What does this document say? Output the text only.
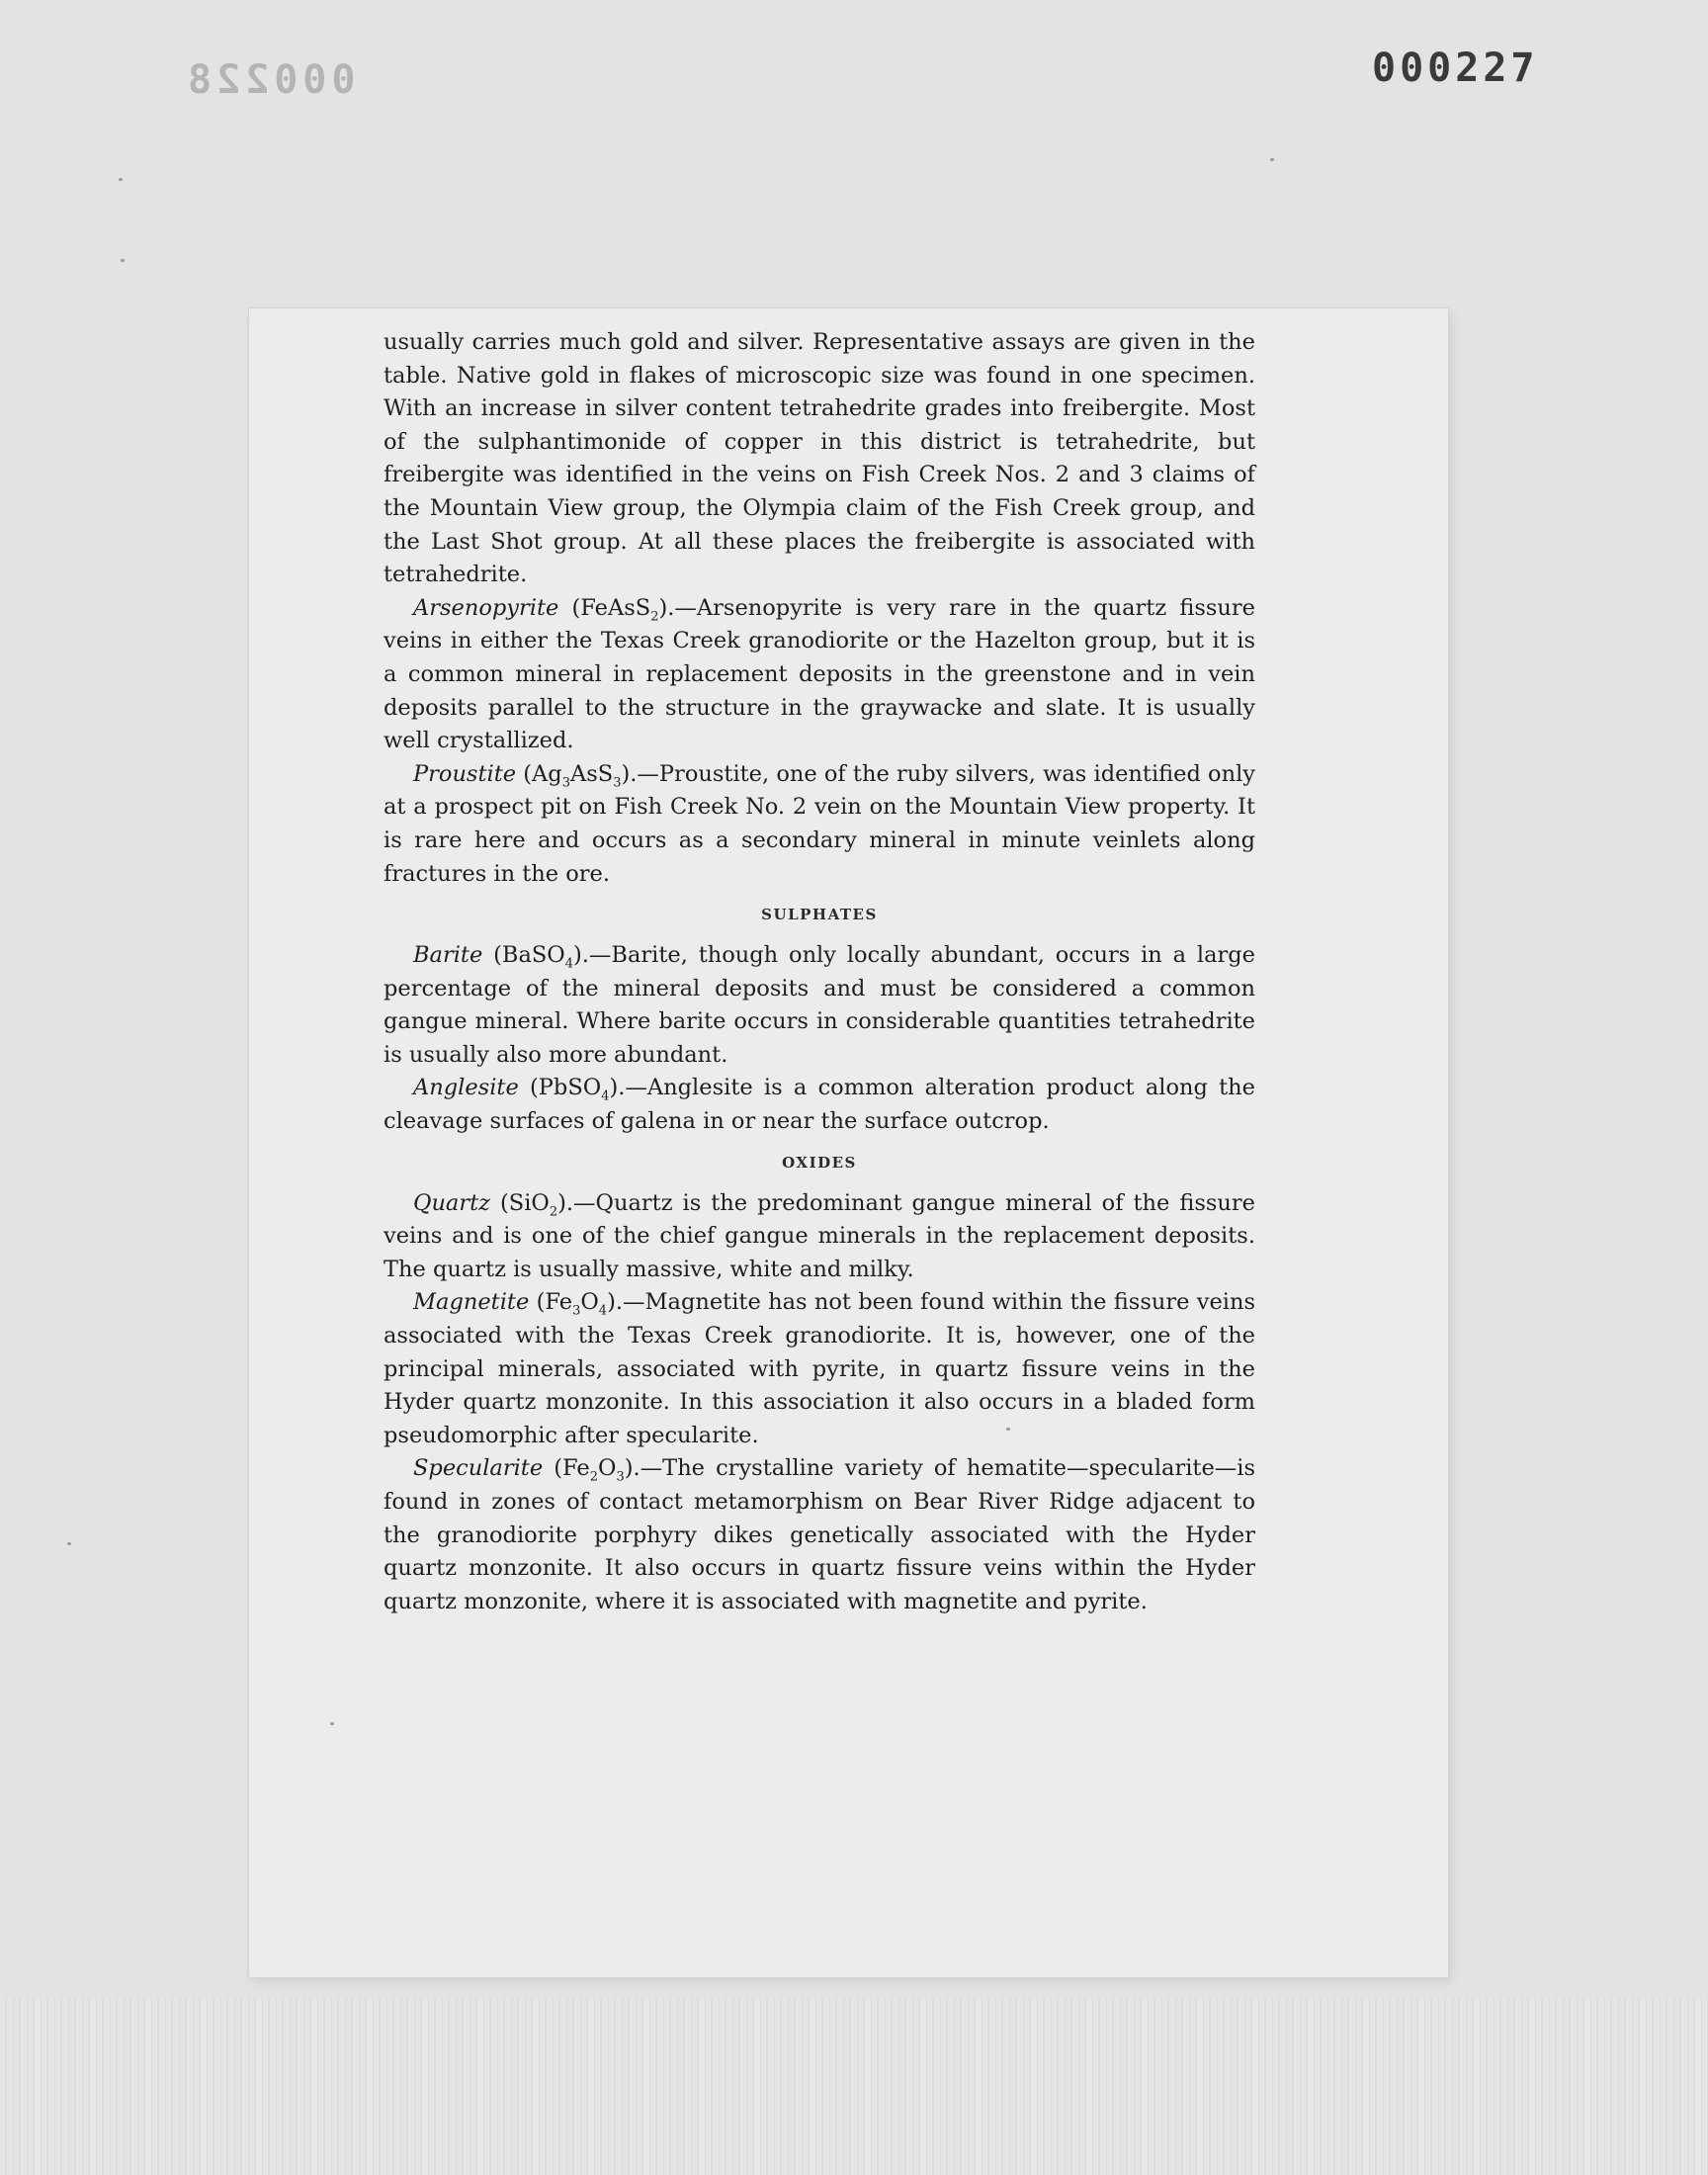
000228	000227

usually carries much gold and silver. Representative assays are given in the table. Native gold in flakes of microscopic size was found in one specimen. With an increase in silver content tetrahedrite grades into freibergite. Most of the sulphantimonide of copper in this district is tetrahedrite, but freibergite was identified in the veins on Fish Creek Nos. 2 and 3 claims of the Mountain View group, the Olympia claim of the Fish Creek group, and the Last Shot group. At all these places the freibergite is associated with tetrahedrite.

Arsenopyrite (FeAsS$_2$).—Arsenopyrite is very rare in the quartz fissure veins in either the Texas Creek granodiorite or the Hazelton group, but it is a common mineral in replacement deposits in the greenstone and in vein deposits parallel to the structure in the graywacke and slate. It is usually well crystallized.

Proustite $(Ag_3AsS_3).—Proustite$, one of the ruby silvers, was identified only at a prospect pit on Fish Creek No. 2 vein on the Mountain View property. It is rare here and occurs as a secondary mineral in minute veinlets along fractures in the ore.

SULPHATES

Barite (BaSO$_4$).—Barite, though only locally abundant, occurs in a large percentage of the mineral deposits and must be considered a common gangue mineral. Where barite occurs in considerable quantities tetrahedrite is usually also more abundant.

Anglesite (PbSO$_4$).—Anglesite is a common alteration product along the cleavage surfaces of galena in or near the surface outcrop.

OXIDES

Quartz (SiO$_2$).—Quartz is the predominant gangue mineral of the fissure veins and is one of the chief gangue minerals in the replacement deposits. The quartz is usually massive, white and milky.

Magnetite $(Fe_3O_4).—Magnetite$ has not been found within the fissure veins associated with the Texas Creek granodiorite. It is, however, one of the principal minerals, associated with pyrite, in quartz fissure veins in the Hyder quartz monzonite. In this association it also occurs in a bladed form pseudomorphic after specularite.

Specularite $(Fe_2O_3).—The$ crystalline variety of hematite—specularite—is found in zones of contact metamorphism on Bear River Ridge adjacent to the granodiorite porphyry dikes genetically associated with the Hyder quartz monzonite. It also occurs in quartz fissure veins within the Hyder quartz monzonite, where it is associated with magnetite and pyrite.
